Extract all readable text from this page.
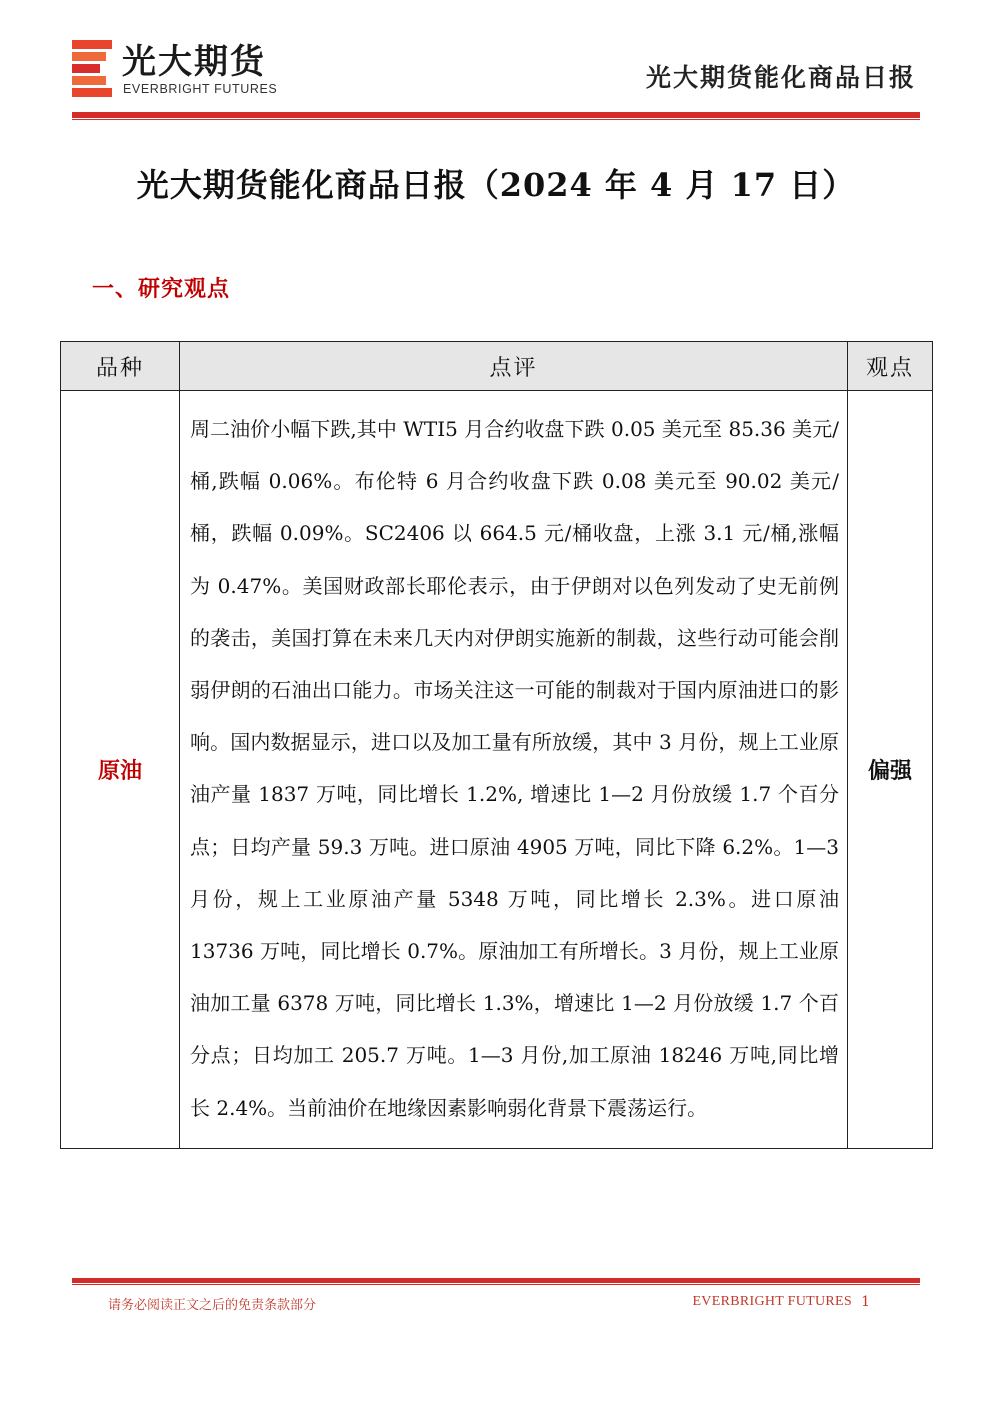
光大期货
EVERBRIGHT FUTURES	光大期货能化商品日报
光大期货能化商品日报（2024 年 4 月 17 日）
一、研究观点
品种	点评	观点
原油	周二油价小幅下跌,其中 WTI5 月合约收盘下跌 0.05 美元至 85.36 美元/桶,跌幅 0.06%。布伦特 6 月合约收盘下跌 0.08 美元至 90.02 美元/桶，跌幅 0.09%。SC2406 以 664.5 元/桶收盘，上涨 3.1 元/桶,涨幅为 0.47%。美国财政部长耶伦表示，由于伊朗对以色列发动了史无前例的袭击，美国打算在未来几天内对伊朗实施新的制裁，这些行动可能会削弱伊朗的石油出口能力。市场关注这一可能的制裁对于国内原油进口的影响。国内数据显示，进口以及加工量有所放缓，其中 3 月份，规上工业原油产量 1837 万吨，同比增长 1.2%, 增速比 1—2 月份放缓 1.7 个百分点；日均产量 59.3 万吨。进口原油 4905 万吨，同比下降 6.2%。1—3 月份，规上工业原油产量 5348 万吨，同比增长 2.3%。进口原油 13736 万吨，同比增长 0.7%。原油加工有所增长。3 月份，规上工业原油加工量 6378 万吨，同比增长 1.3%，增速比 1—2 月份放缓 1.7 个百分点；日均加工 205.7 万吨。1—3 月份,加工原油 18246 万吨,同比增长 2.4%。当前油价在地缘因素影响弱化背景下震荡运行。	偏强
请务必阅读正文之后的免责条款部分	EVERBRIGHT FUTURES 1
